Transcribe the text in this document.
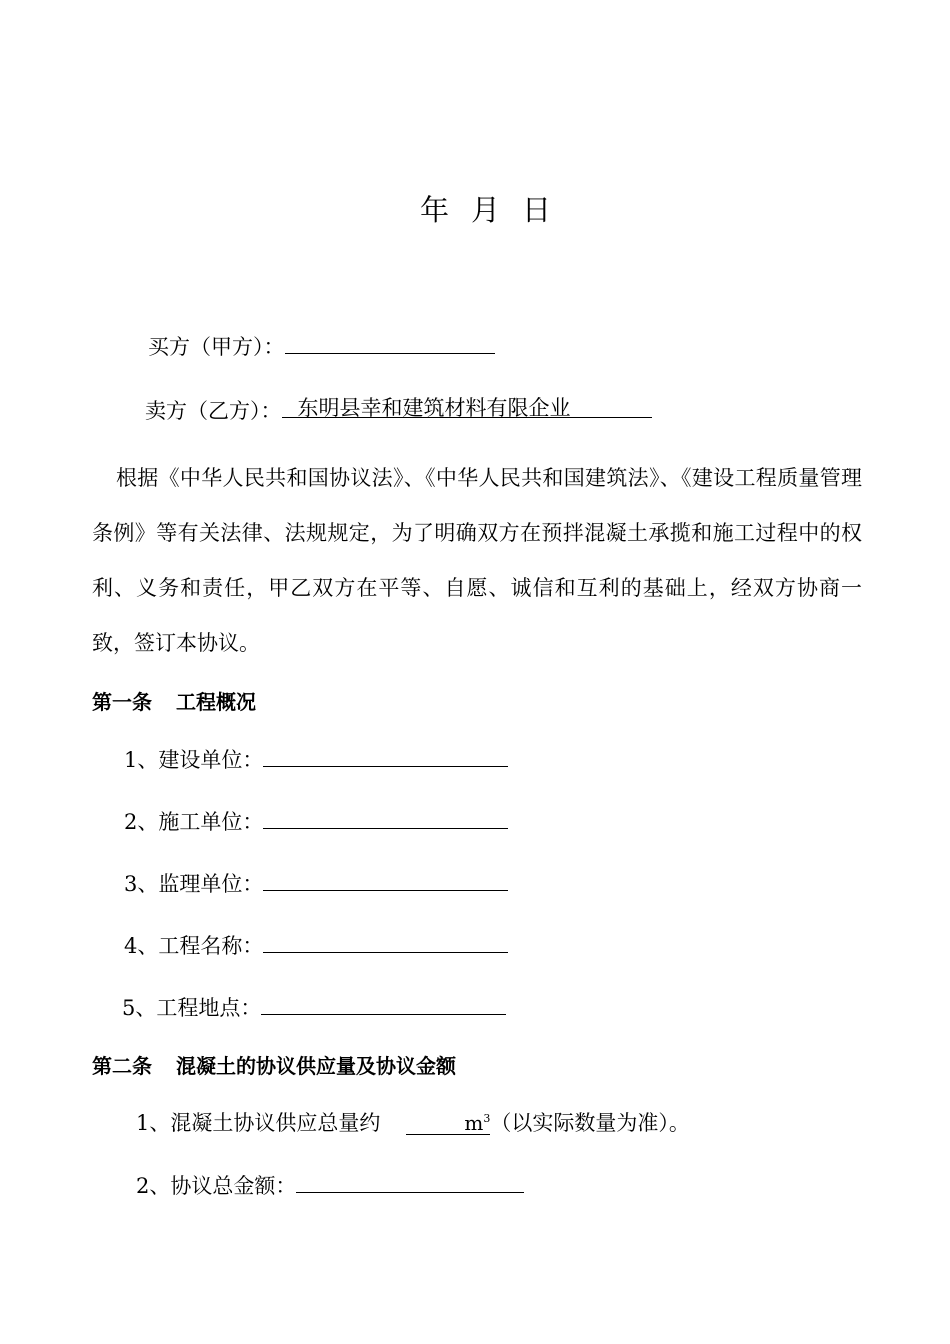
年 月 日
买方（甲方）：
卖方（乙方）： 东明县幸和建筑材料有限企业
根据《中华人民共和国协议法》、《中华人民共和国建筑法》、《建设工程质量管理条例》等有关法律、法规规定，为了明确双方在预拌混凝土承揽和施工过程中的权利、义务和责任，甲乙双方在平等、自愿、诚信和互利的基础上，经双方协商一致，签订本协议。
第一条 工程概况
1、建设单位：
2、施工单位：
3、监理单位：
4、工程名称：
5、工程地点：
第二条 混凝土的协议供应量及协议金额
1、混凝土协议供应总量约	$m^3$（以实际数量为准）。
2、协议总金额：
